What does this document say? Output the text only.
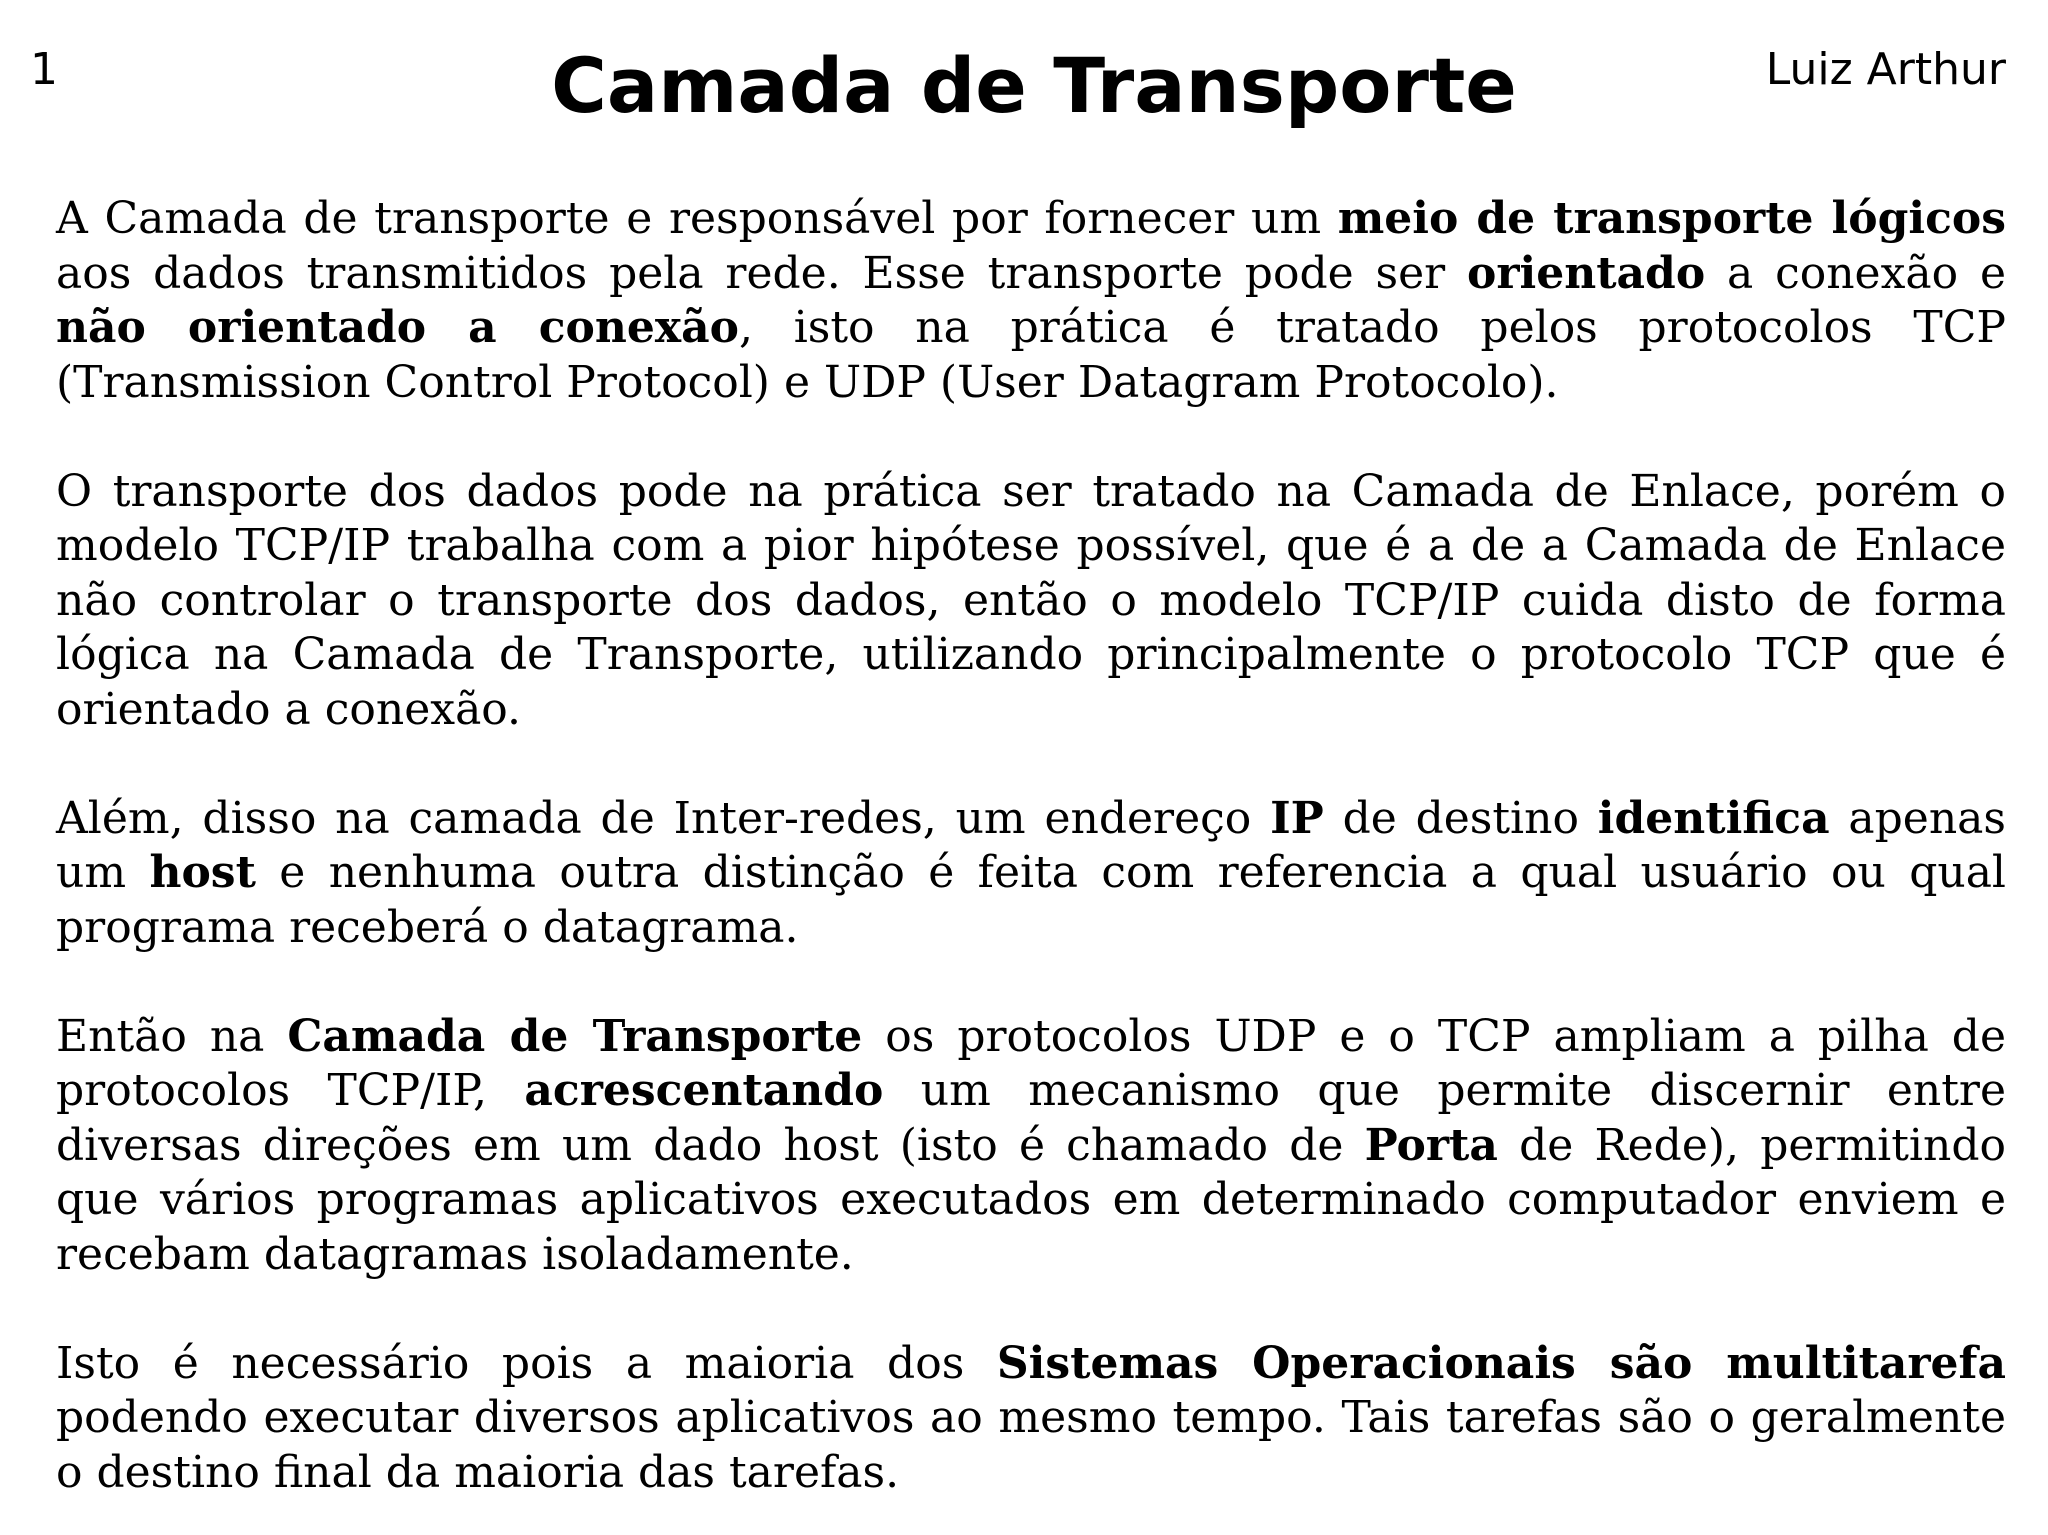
1	Camada de Transporte	Luiz Arthur

A Camada de transporte e responsável por fornecer um meio de transporte lógicos aos dados transmitidos pela rede. Esse transporte pode ser orientado a conexão e não orientado a conexão, isto na prática é tratado pelos protocolos TCP (Transmission Control Protocol) e UDP (User Datagram Protocolo).

O transporte dos dados pode na prática ser tratado na Camada de Enlace, porém o modelo TCP/IP trabalha com a pior hipótese possível, que é a de a Camada de Enlace não controlar o transporte dos dados, então o modelo TCP/IP cuida disto de forma lógica na Camada de Transporte, utilizando principalmente o protocolo TCP que é orientado a conexão.

Além, disso na camada de Inter-redes, um endereço IP de destino identifica apenas um host e nenhuma outra distinção é feita com referencia a qual usuário ou qual programa receberá o datagrama.

Então na Camada de Transporte os protocolos UDP e o TCP ampliam a pilha de protocolos TCP/IP, acrescentando um mecanismo que permite discernir entre diversas direções em um dado host (isto é chamado de Porta de Rede), permitindo que vários programas aplicativos executados em determinado computador enviem e recebam datagramas isoladamente.

Isto é necessário pois a maioria dos Sistemas Operacionais são multitarefa podendo executar diversos aplicativos ao mesmo tempo. Tais tarefas são o geralmente o destino final da maioria das tarefas.
